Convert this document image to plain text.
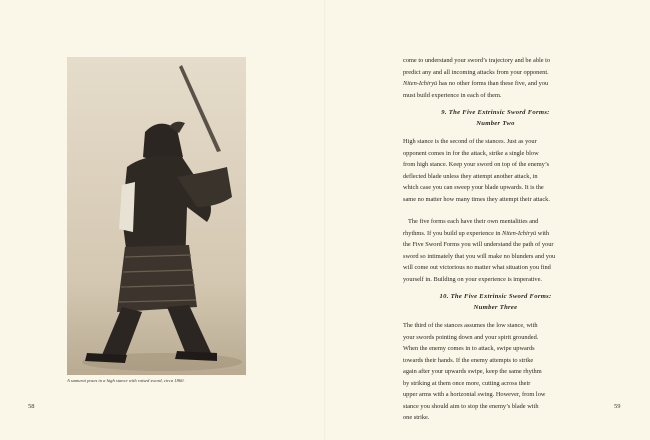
A samurai poses in a high stance with raised sword, circa 1860.
58

come to understand your sword’s trajectory and be able to
predict any and all incoming attacks from your opponent.
Niten-Ichiryū has no other forms than these five, and you
must build experience in each of them.

9. The Five Extrinsic Sword Forms:
Number Two

High stance is the second of the stances. Just as your
opponent comes in for the attack, strike a single blow
from high stance. Keep your sword on top of the enemy’s
deflected blade unless they attempt another attack, in
which case you can sweep your blade upwards. It is the
same no matter how many times they attempt their attack.

The five forms each have their own mentalities and
rhythms. If you build up experience in Niten-Ichiryū with
the Five Sword Forms you will understand the path of your
sword so intimately that you will make no blunders and you
will come out victorious no matter what situation you find
yourself in. Building on your experience is imperative.

10. The Five Extrinsic Sword Forms:
Number Three

The third of the stances assumes the low stance, with
your swords pointing down and your spirit grounded.
When the enemy comes in to attack, swipe upwards
towards their hands. If the enemy attempts to strike
again after your upwards swipe, keep the same rhythm
by striking at them once more, cutting across their
upper arms with a horizontal swing. However, from low
stance you should aim to stop the enemy’s blade with
one strike.

59
